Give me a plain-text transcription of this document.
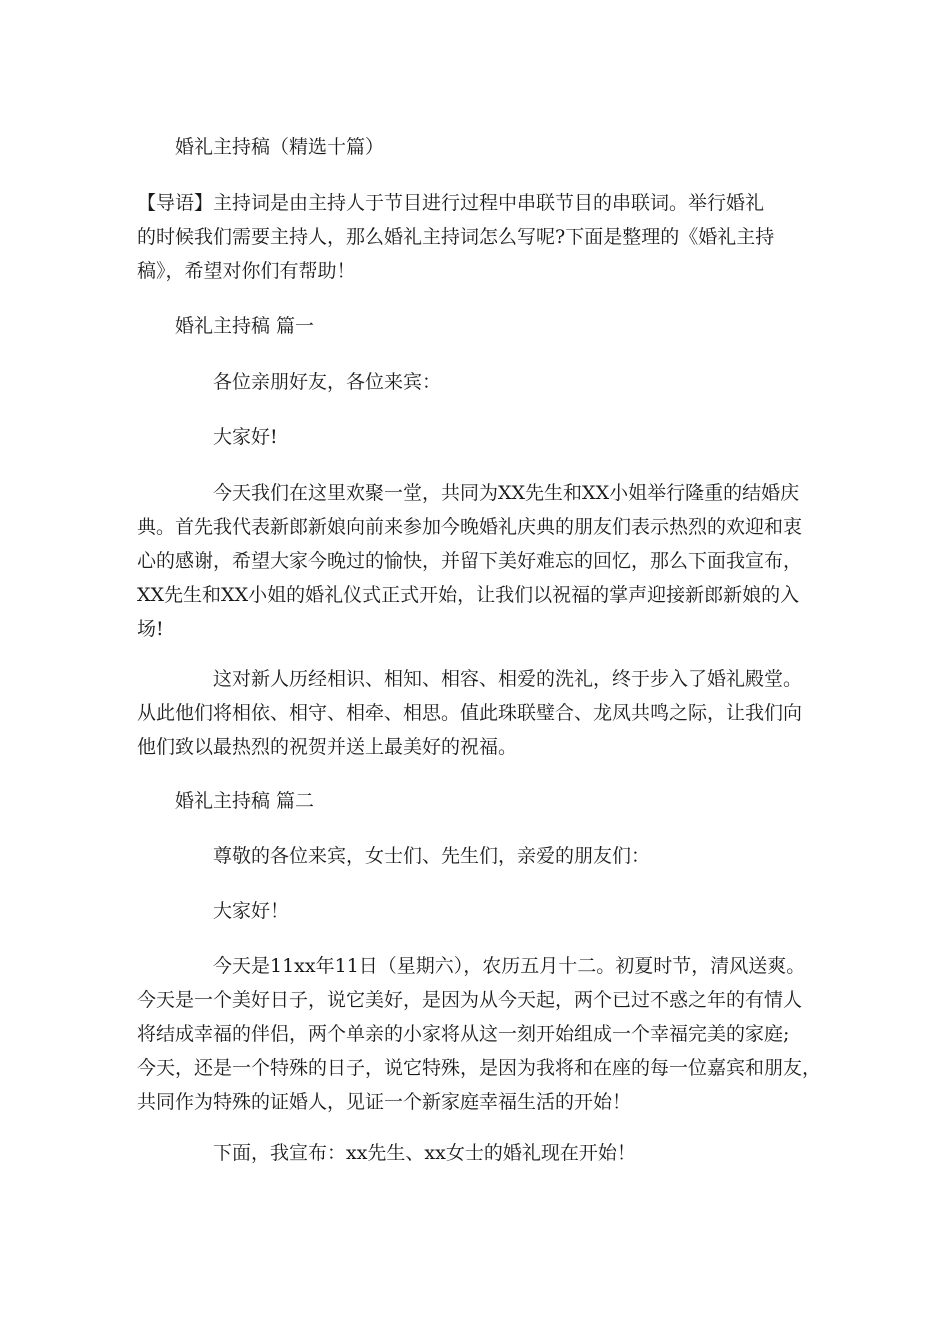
婚礼主持稿（精选十篇）
【导语】主持词是由主持人于节目进行过程中串联节目的串联词。举行婚礼
的时候我们需要主持人，那么婚礼主持词怎么写呢?下面是整理的《婚礼主持
稿》，希望对你们有帮助！
婚礼主持稿 篇一
各位亲朋好友，各位来宾：
大家好!
今天我们在这里欢聚一堂，共同为XX先生和XX小姐举行隆重的结婚庆
典。首先我代表新郎新娘向前来参加今晚婚礼庆典的朋友们表示热烈的欢迎和衷
心的感谢，希望大家今晚过的愉快，并留下美好难忘的回忆，那么下面我宣布，
XX先生和XX小姐的婚礼仪式正式开始，让我们以祝福的掌声迎接新郎新娘的入
场!
这对新人历经相识、相知、相容、相爱的洗礼，终于步入了婚礼殿堂。
从此他们将相依、相守、相牵、相思。值此珠联璧合、龙凤共鸣之际，让我们向
他们致以最热烈的祝贺并送上最美好的祝福。
婚礼主持稿 篇二
尊敬的各位来宾，女士们、先生们，亲爱的朋友们：
大家好！
今天是11xx年11日（星期六），农历五月十二。初夏时节，清风送爽。
今天是一个美好日子，说它美好，是因为从今天起，两个已过不惑之年的有情人
将结成幸福的伴侣，两个单亲的小家将从这一刻开始组成一个幸福完美的家庭;
今天，还是一个特殊的日子，说它特殊，是因为我将和在座的每一位嘉宾和朋友，
共同作为特殊的证婚人，见证一个新家庭幸福生活的开始！
下面，我宣布：xx先生、xx女士的婚礼现在开始！
